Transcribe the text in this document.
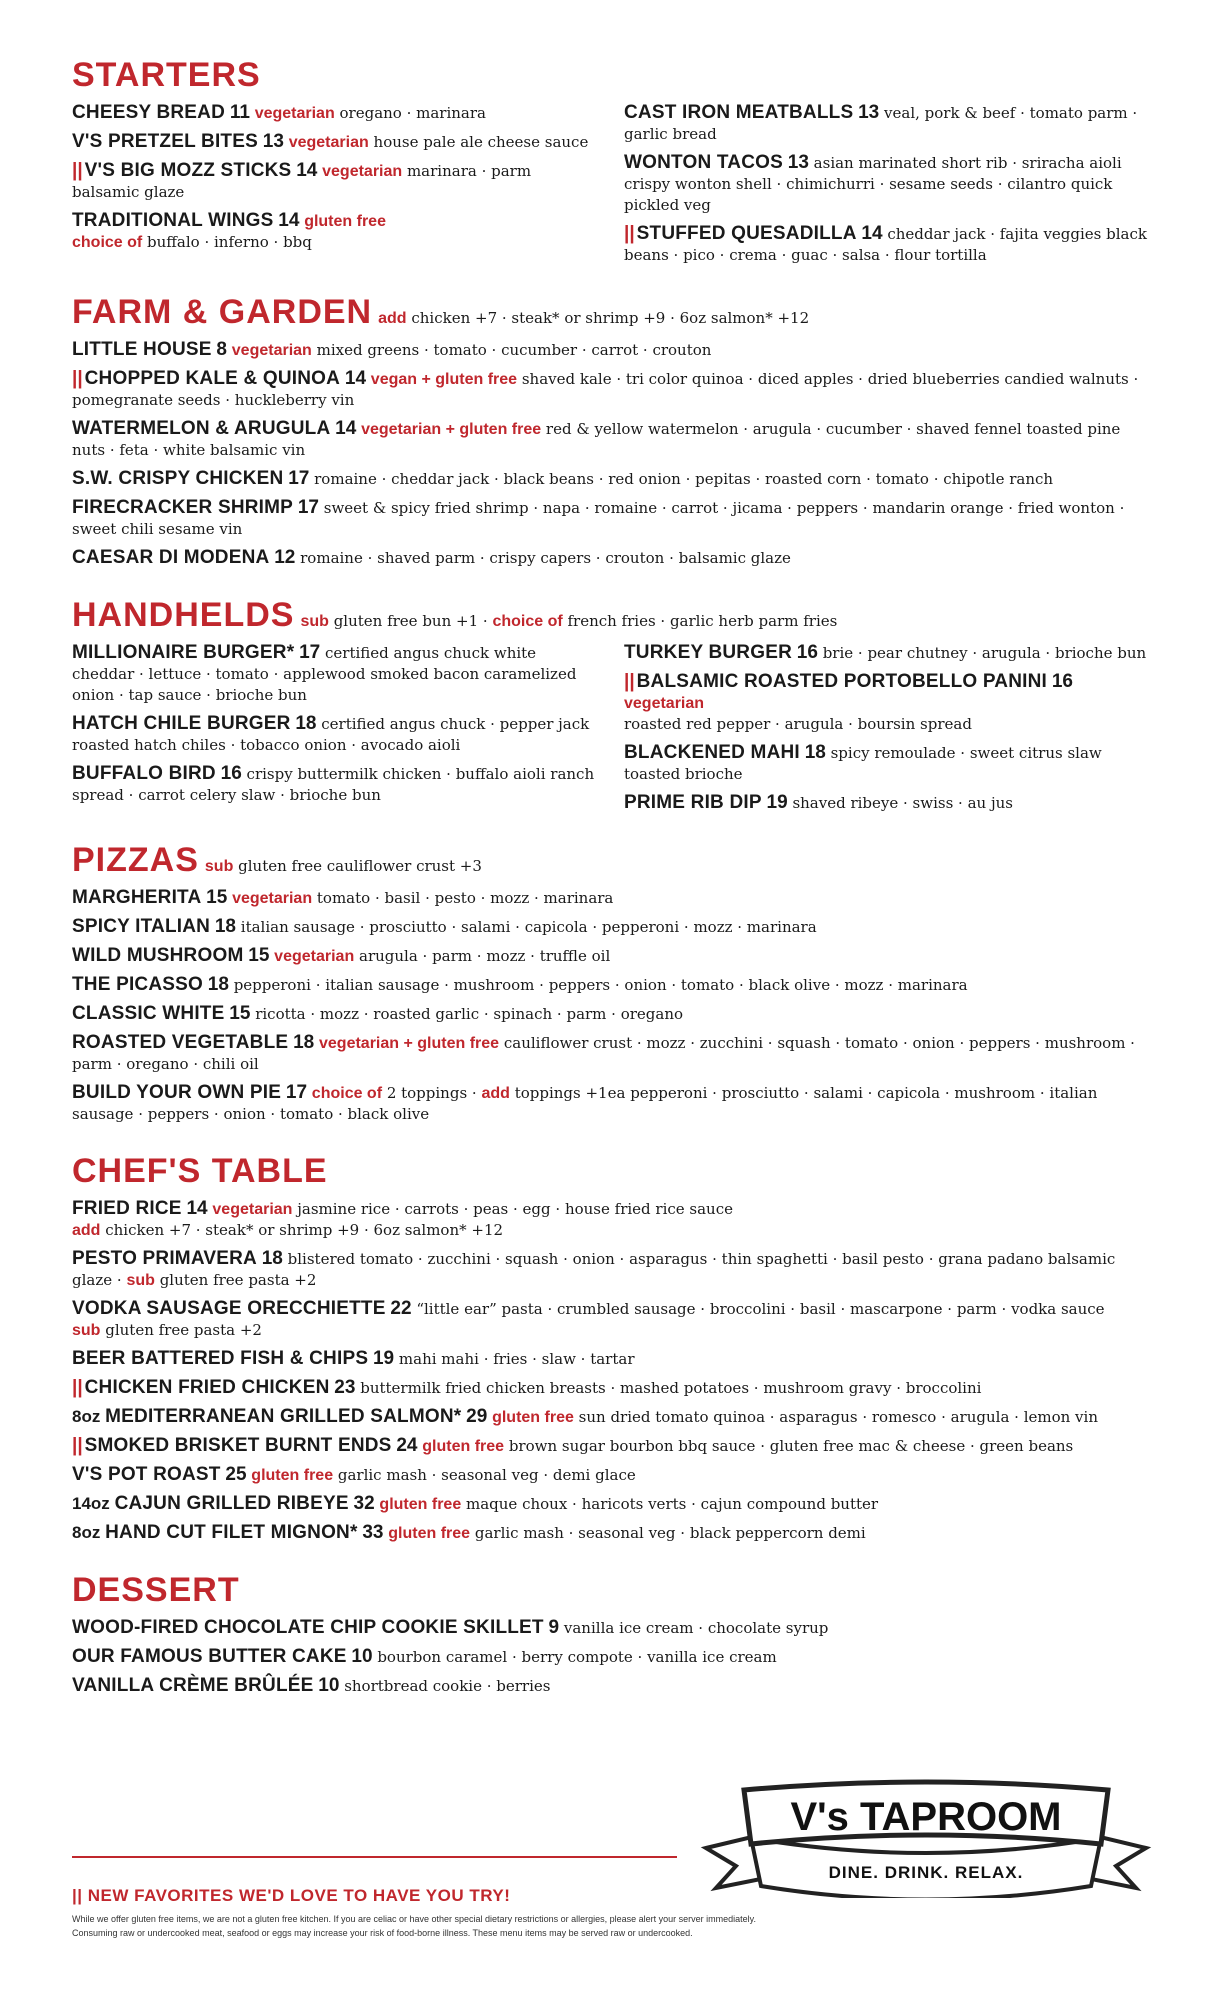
STARTERS
CHEESY BREAD 11 vegetarian oregano · marinara
V'S PRETZEL BITES 13 vegetarian house pale ale cheese sauce
|| V'S BIG MOZZ STICKS 14 vegetarian marinara · parm balsamic glaze
TRADITIONAL WINGS 14 gluten free
choice of buffalo · inferno · bbq
CAST IRON MEATBALLS 13 veal, pork & beef · tomato parm · garlic bread
WONTON TACOS 13 asian marinated short rib · sriracha aioli crispy wonton shell · chimichurri · sesame seeds · cilantro quick pickled veg
|| STUFFED QUESADILLA 14 cheddar jack · fajita veggies black beans · pico · crema · guac · salsa · flour tortilla
FARM & GARDEN add chicken +7 · steak* or shrimp +9 · 6oz salmon* +12
LITTLE HOUSE 8 vegetarian mixed greens · tomato · cucumber · carrot · crouton
|| CHOPPED KALE & QUINOA 14 vegan + gluten free shaved kale · tri color quinoa · diced apples · dried blueberries candied walnuts · pomegranate seeds · huckleberry vin
WATERMELON & ARUGULA 14 vegetarian + gluten free red & yellow watermelon · arugula · cucumber · shaved fennel toasted pine nuts · feta · white balsamic vin
S.W. CRISPY CHICKEN 17 romaine · cheddar jack · black beans · red onion · pepitas · roasted corn · tomato · chipotle ranch
FIRECRACKER SHRIMP 17 sweet & spicy fried shrimp · napa · romaine · carrot · jicama · peppers · mandarin orange · fried wonton · sweet chili sesame vin
CAESAR DI MODENA 12 romaine · shaved parm · crispy capers · crouton · balsamic glaze
HANDHELDS sub gluten free bun +1 · choice of french fries · garlic herb parm fries
MILLIONAIRE BURGER* 17 certified angus chuck white cheddar · lettuce · tomato · applewood smoked bacon caramelized onion · tap sauce · brioche bun
HATCH CHILE BURGER 18 certified angus chuck · pepper jack roasted hatch chiles · tobacco onion · avocado aioli
BUFFALO BIRD 16 crispy buttermilk chicken · buffalo aioli ranch spread · carrot celery slaw · brioche bun
TURKEY BURGER 16 brie · pear chutney · arugula · brioche bun
|| BALSAMIC ROASTED PORTOBELLO PANINI 16 vegetarian
roasted red pepper · arugula · boursin spread
BLACKENED MAHI 18 spicy remoulade · sweet citrus slaw toasted brioche
PRIME RIB DIP 19 shaved ribeye · swiss · au jus
PIZZAS sub gluten free cauliflower crust +3
MARGHERITA 15 vegetarian tomato · basil · pesto · mozz · marinara
SPICY ITALIAN 18 italian sausage · prosciutto · salami · capicola · pepperoni · mozz · marinara
WILD MUSHROOM 15 vegetarian arugula · parm · mozz · truffle oil
THE PICASSO 18 pepperoni · italian sausage · mushroom · peppers · onion · tomato · black olive · mozz · marinara
CLASSIC WHITE 15 ricotta · mozz · roasted garlic · spinach · parm · oregano
ROASTED VEGETABLE 18 vegetarian + gluten free cauliflower crust · mozz · zucchini · squash · tomato · onion · peppers · mushroom · parm · oregano · chili oil
BUILD YOUR OWN PIE 17 choice of 2 toppings · add toppings +1ea pepperoni · prosciutto · salami · capicola · mushroom · italian sausage · peppers · onion · tomato · black olive
CHEF'S TABLE
FRIED RICE 14 vegetarian jasmine rice · carrots · peas · egg · house fried rice sauce
add chicken +7 · steak* or shrimp +9 · 6oz salmon* +12
PESTO PRIMAVERA 18 blistered tomato · zucchini · squash · onion · asparagus · thin spaghetti · basil pesto · grana padano balsamic glaze · sub gluten free pasta +2
VODKA SAUSAGE ORECCHIETTE 22 “little ear” pasta · crumbled sausage · broccolini · basil · mascarpone · parm · vodka sauce
sub gluten free pasta +2
BEER BATTERED FISH & CHIPS 19 mahi mahi · fries · slaw · tartar
|| CHICKEN FRIED CHICKEN 23 buttermilk fried chicken breasts · mashed potatoes · mushroom gravy · broccolini
8oz MEDITERRANEAN GRILLED SALMON* 29 gluten free sun dried tomato quinoa · asparagus · romesco · arugula · lemon vin
|| SMOKED BRISKET BURNT ENDS 24 gluten free brown sugar bourbon bbq sauce · gluten free mac & cheese · green beans
V'S POT ROAST 25 gluten free garlic mash · seasonal veg · demi glace
14oz CAJUN GRILLED RIBEYE 32 gluten free maque choux · haricots verts · cajun compound butter
8oz HAND CUT FILET MIGNON* 33 gluten free garlic mash · seasonal veg · black peppercorn demi
DESSERT
WOOD-FIRED CHOCOLATE CHIP COOKIE SKILLET 9 vanilla ice cream · chocolate syrup
OUR FAMOUS BUTTER CAKE 10 bourbon caramel · berry compote · vanilla ice cream
VANILLA CRÈME BRÛLÉE 10 shortbread cookie · berries
|| NEW FAVORITES WE'D LOVE TO HAVE YOU TRY!
While we offer gluten free items, we are not a gluten free kitchen. If you are celiac or have other special dietary restrictions or allergies, please alert your server immediately.
Consuming raw or undercooked meat, seafood or eggs may increase your risk of food-borne illness. These menu items may be served raw or undercooked.
V's TAPROOM
DINE. DRINK. RELAX.
